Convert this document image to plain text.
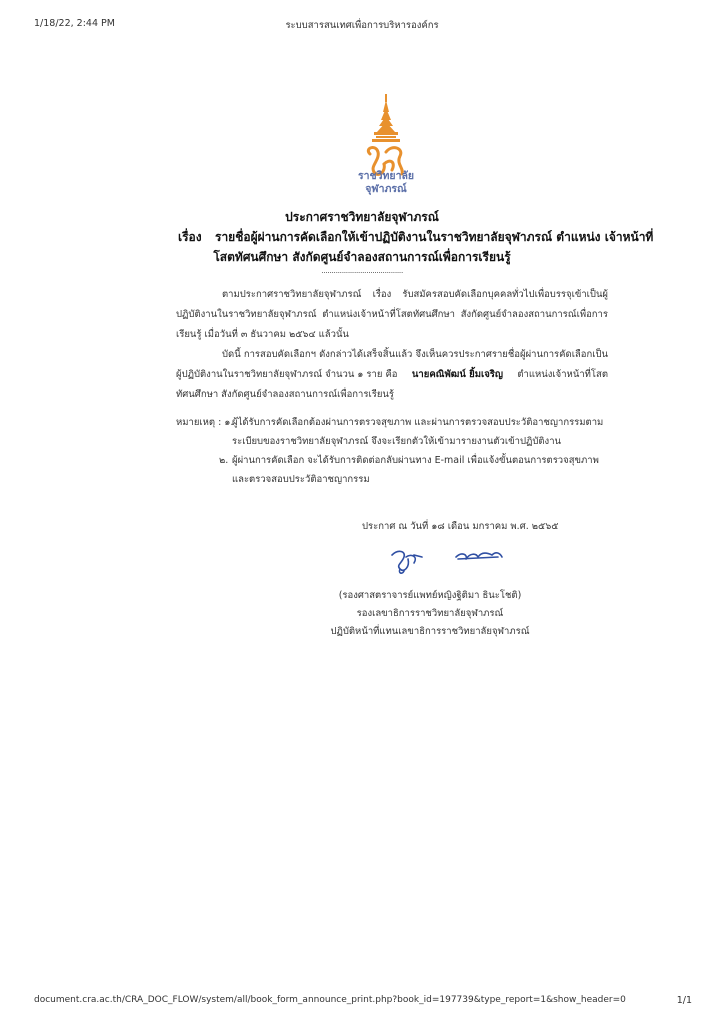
1/18/22, 2:44 PM	ระบบสารสนเทศเพื่อการบริหารองค์กร
ราชวิทยาลัย
จุฬาภรณ์
ประกาศราชวิทยาลัยจุฬาภรณ์
เรื่อง รายชื่อผู้ผ่านการคัดเลือกให้เข้าปฏิบัติงานในราชวิทยาลัยจุฬาภรณ์ ตำแหน่ง เจ้าหน้าที่
โสตทัศนศึกษา สังกัดศูนย์จำลองสถานการณ์เพื่อการเรียนรู้
........................................
ตามประกาศราชวิทยาลัยจุฬาภรณ์ เรื่อง รับสมัครสอบคัดเลือกบุคคลทั่วไปเพื่อบรรจุเข้าเป็นผู้
ปฏิบัติงานในราชวิทยาลัยจุฬาภรณ์ ตำแหน่งเจ้าหน้าที่โสตทัศนศึกษา สังกัดศูนย์จำลองสถานการณ์เพื่อการ
เรียนรู้ เมื่อวันที่ ๓ ธันวาคม ๒๕๖๔ แล้วนั้น
บัดนี้ การสอบคัดเลือกฯ ดังกล่าวได้เสร็จสิ้นแล้ว จึงเห็นควรประกาศรายชื่อผู้ผ่านการคัดเลือกเป็น
ผู้ปฏิบัติงานในราชวิทยาลัยจุฬาภรณ์ จำนวน ๑ ราย คือ นายคณิพัฒน์ ยิ้มเจริญ ตำแหน่งเจ้าหน้าที่โสต
ทัศนศึกษา สังกัดศูนย์จำลองสถานการณ์เพื่อการเรียนรู้
หมายเหตุ : ๑.
ผู้ได้รับการคัดเลือกต้องผ่านการตรวจสุขภาพ และผ่านการตรวจสอบประวัติอาชญากรรมตาม
ระเบียบของราชวิทยาลัยจุฬาภรณ์ จึงจะเรียกตัวให้เข้ามารายงานตัวเข้าปฏิบัติงาน
๒. ผู้ผ่านการคัดเลือก จะได้รับการติดต่อกลับผ่านทาง E-mail เพื่อแจ้งขั้นตอนการตรวจสุขภาพ
และตรวจสอบประวัติอาชญากรรม
ประกาศ ณ วันที่ ๑๘ เดือน มกราคม พ.ศ. ๒๕๖๕
(รองศาสตราจารย์แพทย์หญิงฐิติมา ธินะโชติ)
รองเลขาธิการราชวิทยาลัยจุฬาภรณ์
ปฏิบัติหน้าที่แทนเลขาธิการราชวิทยาลัยจุฬาภรณ์
document.cra.ac.th/CRA_DOC_FLOW/system/all/book_form_announce_print.php?book_id=197739&type_report=1&show_header=0	1/1
